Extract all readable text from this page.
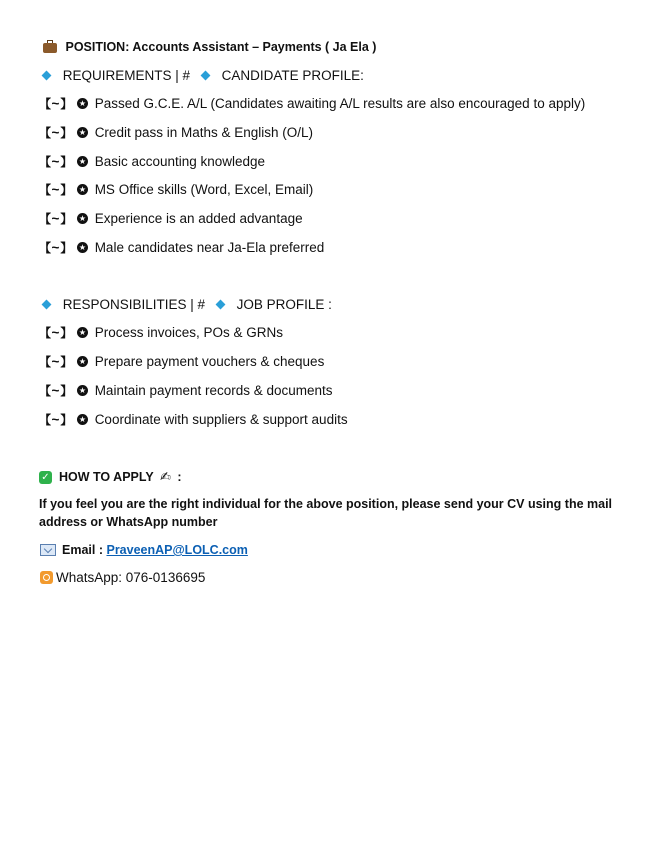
POSITION: Accounts Assistant – Payments ( Ja Ela )
REQUIREMENTS | # CANDIDATE PROFILE:
【~】 ★ Passed G.C.E. A/L (Candidates awaiting A/L results are also encouraged to apply)
【~】 ★ Credit pass in Maths & English (O/L)
【~】 ★ Basic accounting knowledge
【~】 ★ MS Office skills (Word, Excel, Email)
【~】 ★ Experience is an added advantage
【~】 ★ Male candidates near Ja-Ela preferred
RESPONSIBILITIES | # JOB PROFILE :
【~】 ★ Process invoices, POs & GRNs
【~】 ★ Prepare payment vouchers & cheques
【~】 ★ Maintain payment records & documents
【~】 ★ Coordinate with suppliers & support audits
✓ HOW TO APPLY ✍ :
If you feel you are the right individual for the above position, please send your CV using the mail address or WhatsApp number
Email : PraveenAP@LOLC.com
WhatsApp: 076-0136695
